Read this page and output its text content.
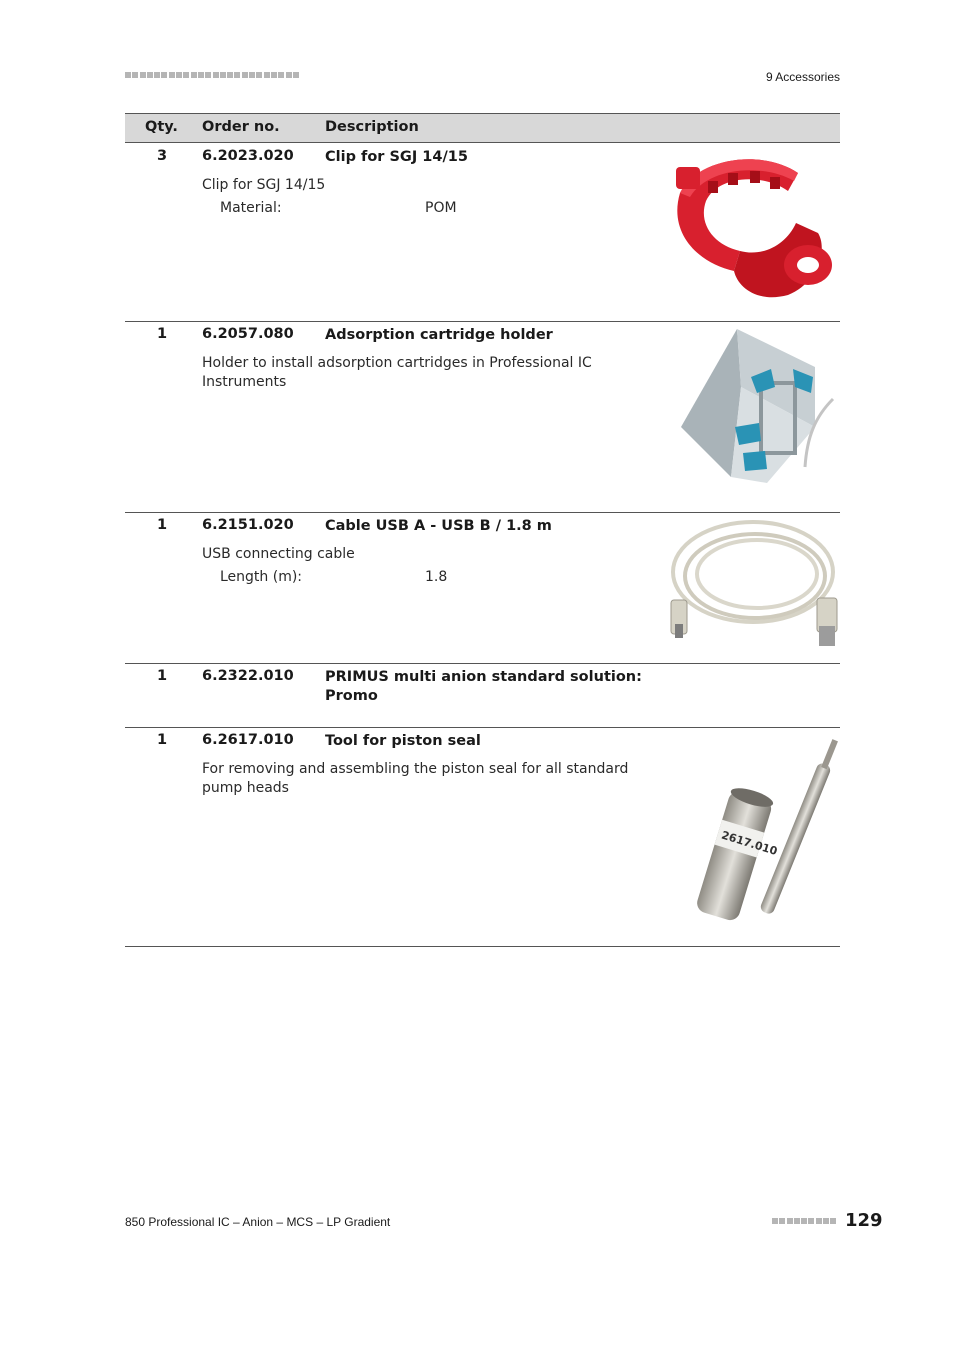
9 Accessories
Qty. Order no.	Description
3 6.2023.020 Clip for SGJ 14/15
Clip for SGJ 14/15
Material:	POM
1 6.2057.080 Adsorption cartridge holder
Holder to install adsorption cartridges in Professional IC Instruments
1 6.2151.020 Cable USB A - USB B / 1.8 m
USB connecting cable
Length (m):	1.8
1 6.2322.010 PRIMUS multi anion standard solution: Promo
1 6.2617.010 Tool for piston seal
For removing and assembling the piston seal for all standard pump heads
2617.010
850 Professional IC – Anion – MCS – LP Gradient	129
